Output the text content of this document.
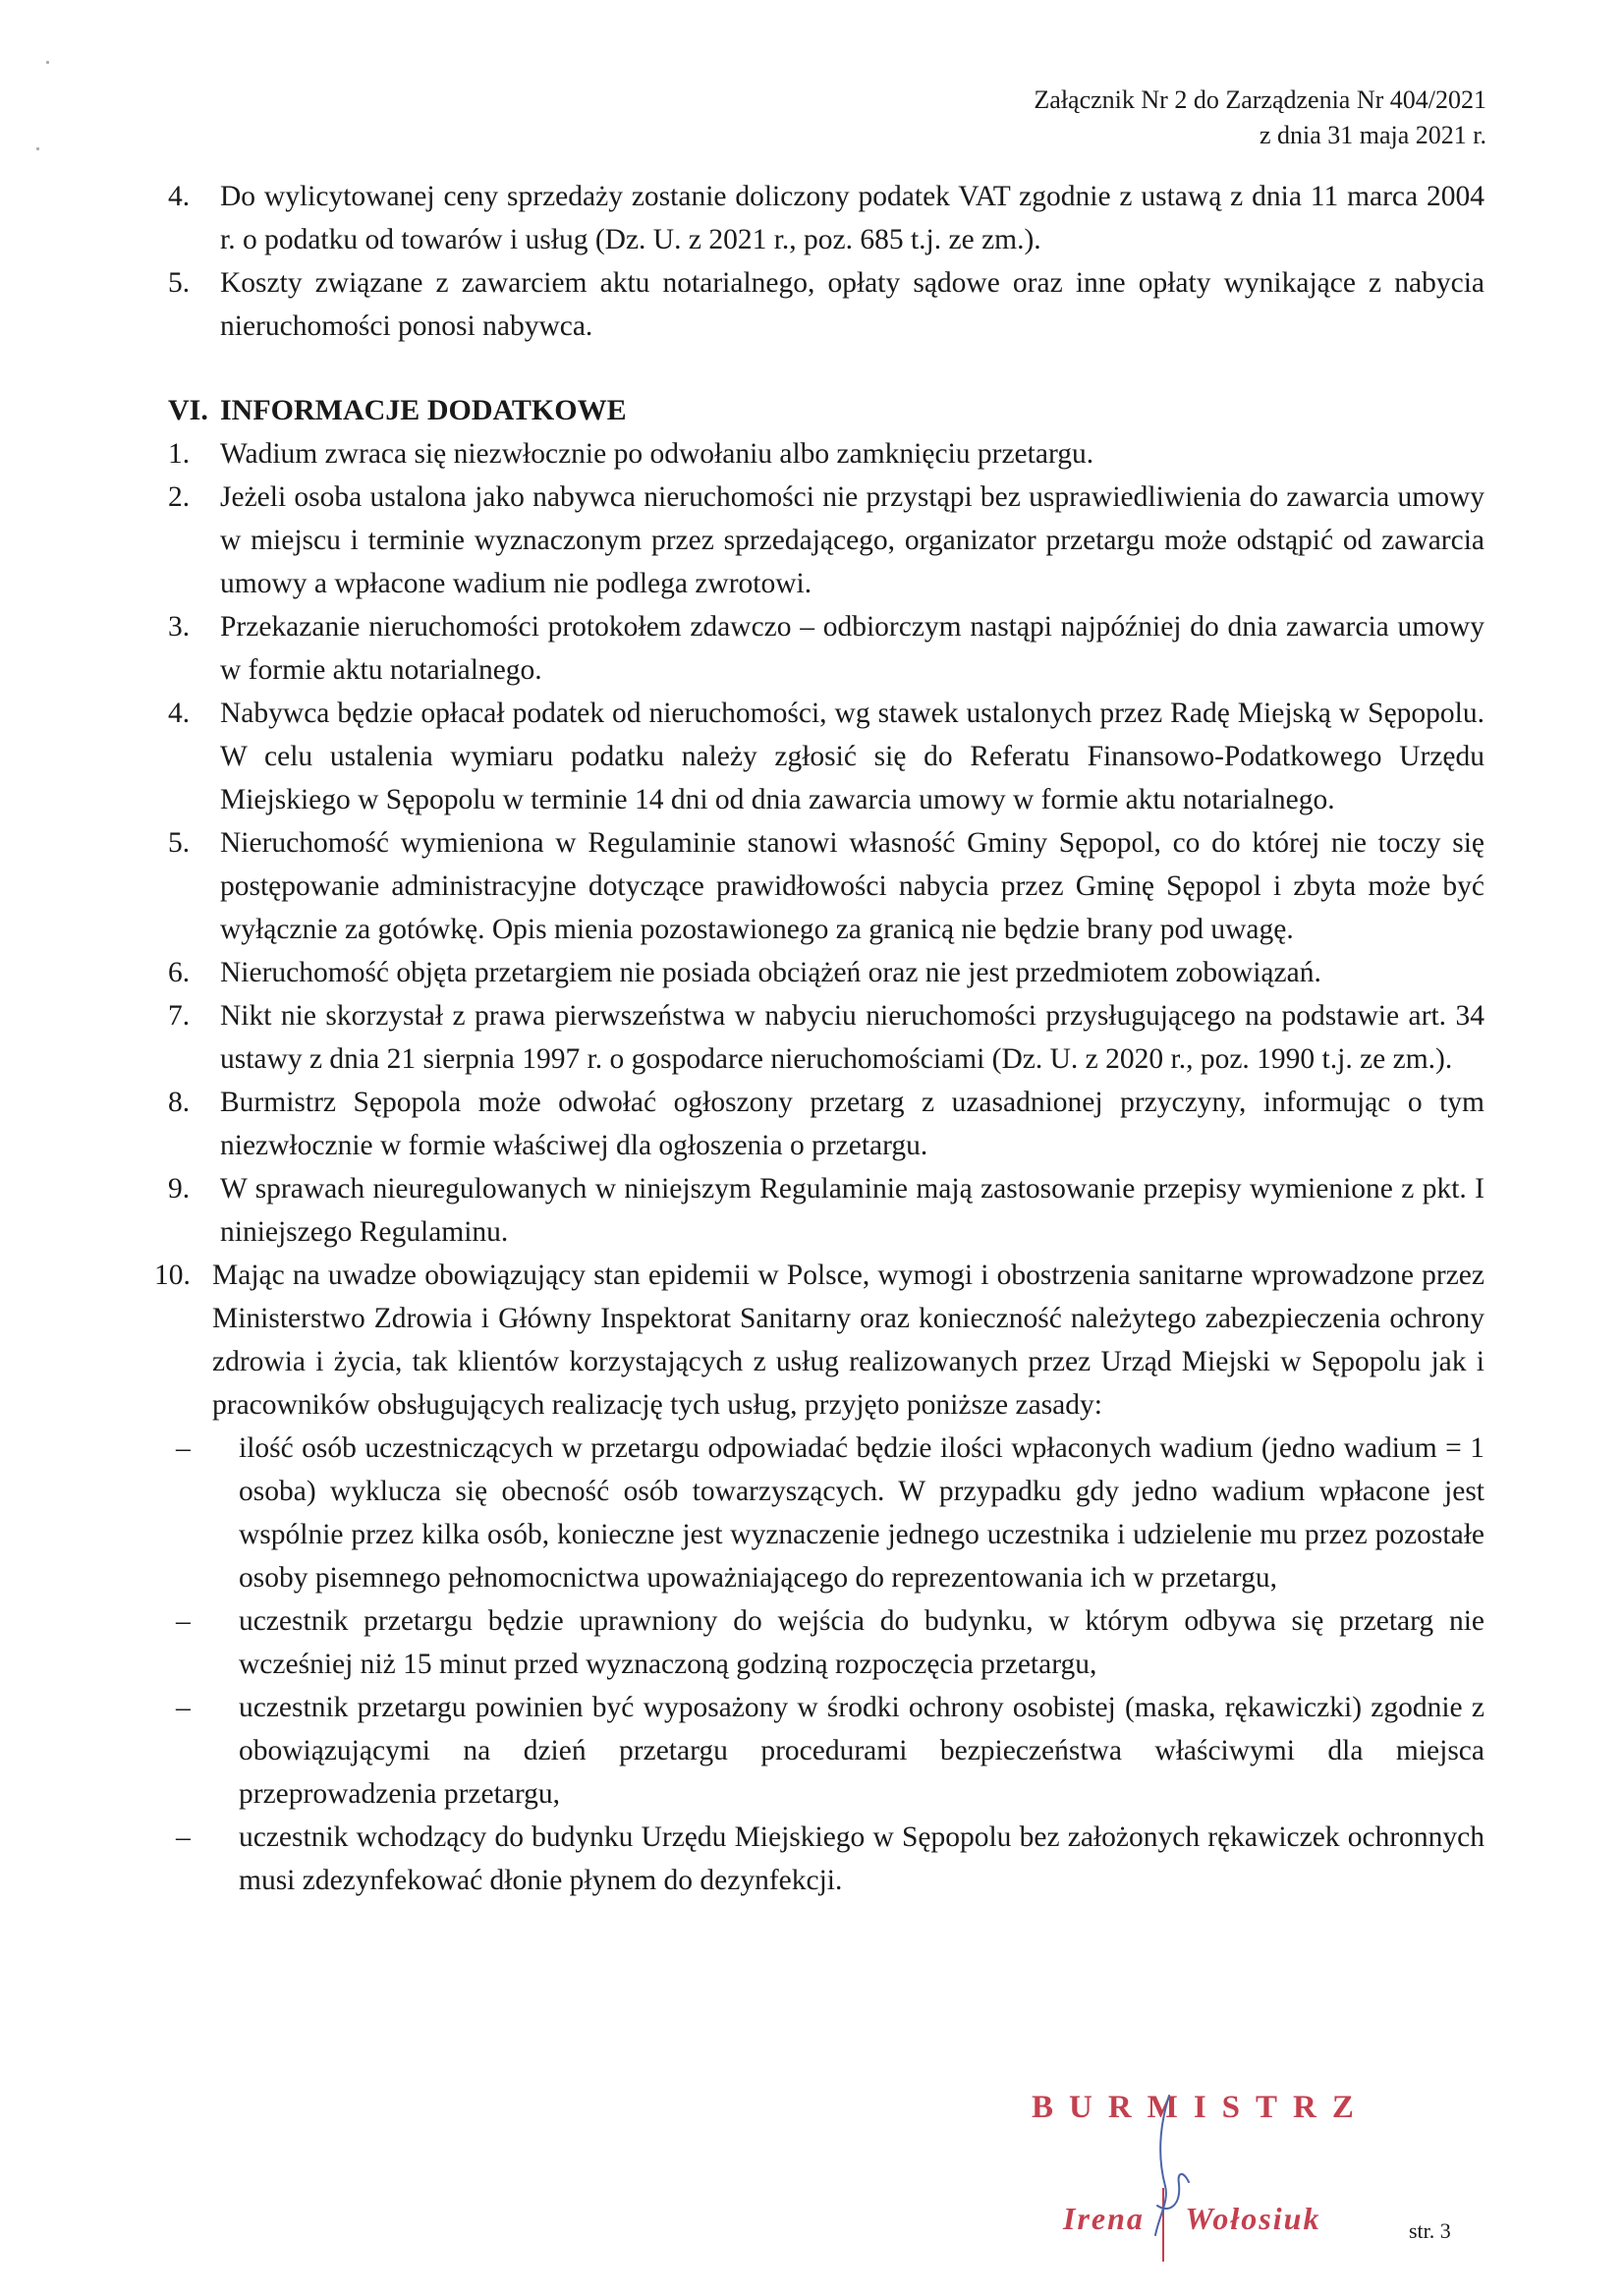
Załącznik Nr 2 do Zarządzenia Nr 404/2021
z dnia 31 maja 2021 r.
4. Do wylicytowanej ceny sprzedaży zostanie doliczony podatek VAT zgodnie z ustawą z dnia 11 marca 2004 r. o podatku od towarów i usług (Dz. U. z 2021 r., poz. 685 t.j. ze zm.).
5. Koszty związane z zawarciem aktu notarialnego, opłaty sądowe oraz inne opłaty wynikające z nabycia nieruchomości ponosi nabywca.
VI. INFORMACJE DODATKOWE
1. Wadium zwraca się niezwłocznie po odwołaniu albo zamknięciu przetargu.
2. Jeżeli osoba ustalona jako nabywca nieruchomości nie przystąpi bez usprawiedliwienia do zawarcia umowy w miejscu i terminie wyznaczonym przez sprzedającego, organizator przetargu może odstąpić od zawarcia umowy a wpłacone wadium nie podlega zwrotowi.
3. Przekazanie nieruchomości protokołem zdawczo – odbiorczym nastąpi najpóźniej do dnia zawarcia umowy w formie aktu notarialnego.
4. Nabywca będzie opłacał podatek od nieruchomości, wg stawek ustalonych przez Radę Miejską w Sępopolu. W celu ustalenia wymiaru podatku należy zgłosić się do Referatu Finansowo-Podatkowego Urzędu Miejskiego w Sępopolu w terminie 14 dni od dnia zawarcia umowy w formie aktu notarialnego.
5. Nieruchomość wymieniona w Regulaminie stanowi własność Gminy Sępopol, co do której nie toczy się postępowanie administracyjne dotyczące prawidłowości nabycia przez Gminę Sępopol i zbyta może być wyłącznie za gotówkę. Opis mienia pozostawionego za granicą nie będzie brany pod uwagę.
6. Nieruchomość objęta przetargiem nie posiada obciążeń oraz nie jest przedmiotem zobowiązań.
7. Nikt nie skorzystał z prawa pierwszeństwa w nabyciu nieruchomości przysługującego na podstawie art. 34 ustawy z dnia 21 sierpnia 1997 r. o gospodarce nieruchomościami (Dz. U. z 2020 r., poz. 1990 t.j. ze zm.).
8. Burmistrz Sępopola może odwołać ogłoszony przetarg z uzasadnionej przyczyny, informując o tym niezwłocznie w formie właściwej dla ogłoszenia o przetargu.
9. W sprawach nieuregulowanych w niniejszym Regulaminie mają zastosowanie przepisy wymienione z pkt. I niniejszego Regulaminu.
10. Mając na uwadze obowiązujący stan epidemii w Polsce, wymogi i obostrzenia sanitarne wprowadzone przez Ministerstwo Zdrowia i Główny Inspektorat Sanitarny oraz konieczność należytego zabezpieczenia ochrony zdrowia i życia, tak klientów korzystających z usług realizowanych przez Urząd Miejski w Sępopolu jak i pracowników obsługujących realizację tych usług, przyjęto poniższe zasady:
– ilość osób uczestniczących w przetargu odpowiadać będzie ilości wpłaconych wadium (jedno wadium = 1 osoba) wyklucza się obecność osób towarzyszących. W przypadku gdy jedno wadium wpłacone jest wspólnie przez kilka osób, konieczne jest wyznaczenie jednego uczestnika i udzielenie mu przez pozostałe osoby pisemnego pełnomocnictwa upoważniającego do reprezentowania ich w przetargu,
– uczestnik przetargu będzie uprawniony do wejścia do budynku, w którym odbywa się przetarg nie wcześniej niż 15 minut przed wyznaczoną godziną rozpoczęcia przetargu,
– uczestnik przetargu powinien być wyposażony w środki ochrony osobistej (maska, rękawiczki) zgodnie z obowiązującymi na dzień przetargu procedurami bezpieczeństwa właściwymi dla miejsca przeprowadzenia przetargu,
– uczestnik wchodzący do budynku Urzędu Miejskiego w Sępopolu bez założonych rękawiczek ochronnych musi zdezynfekować dłonie płynem do dezynfekcji.
BURMISTRZ
Irena Wołosiuk	str. 3
